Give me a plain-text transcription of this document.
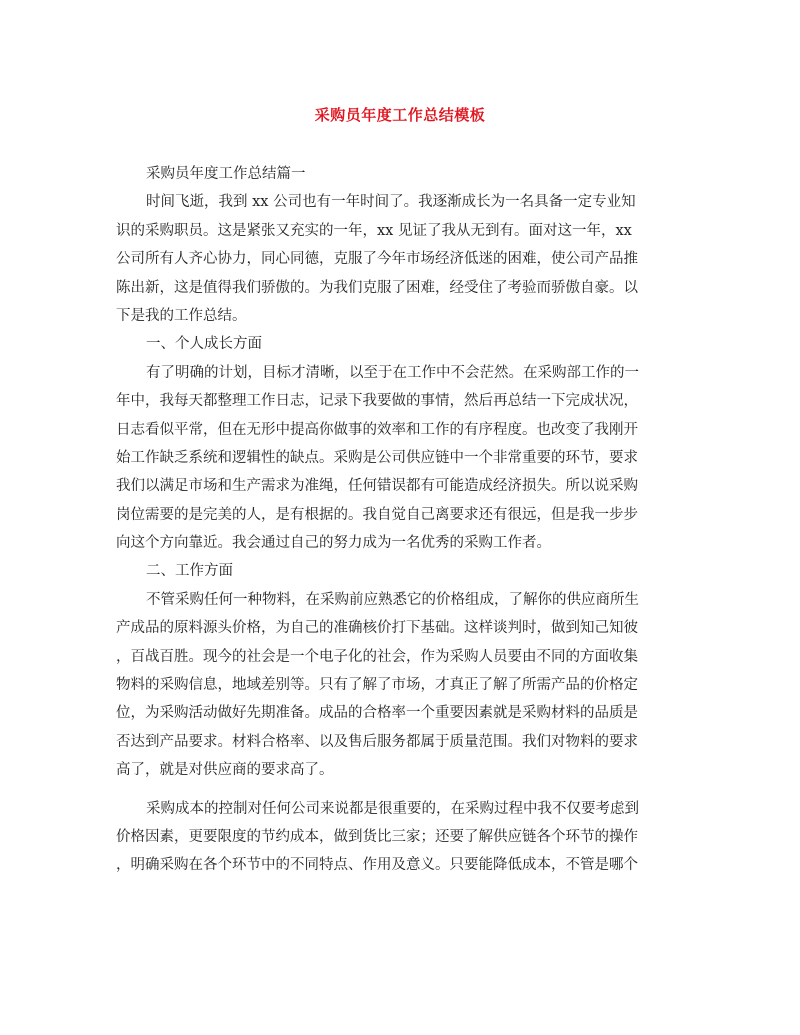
采购员年度工作总结模板
采购员年度工作总结篇一
时间飞逝，我到 xx 公司也有一年时间了。我逐渐成长为一名具备一定专业知
识的采购职员。这是紧张又充实的一年，xx 见证了我从无到有。面对这一年，xx
公司所有人齐心协力，同心同德，克服了今年市场经济低迷的困难，使公司产品推
陈出新，这是值得我们骄傲的。为我们克服了困难，经受住了考验而骄傲自豪。以
下是我的工作总结。
一、个人成长方面
有了明确的计划，目标才清晰，以至于在工作中不会茫然。在采购部工作的一
年中，我每天都整理工作日志，记录下我要做的事情，然后再总结一下完成状况，
日志看似平常，但在无形中提高你做事的效率和工作的有序程度。也改变了我刚开
始工作缺乏系统和逻辑性的缺点。采购是公司供应链中一个非常重要的环节，要求
我们以满足市场和生产需求为准绳，任何错误都有可能造成经济损失。所以说采购
岗位需要的是完美的人，是有根据的。我自觉自己离要求还有很远，但是我一步步
向这个方向靠近。我会通过自己的努力成为一名优秀的采购工作者。
二、工作方面
不管采购任何一种物料，在采购前应熟悉它的价格组成，了解你的供应商所生
产成品的原料源头价格，为自己的准确核价打下基础。这样谈判时，做到知己知彼
，百战百胜。现今的社会是一个电子化的社会，作为采购人员要由不同的方面收集
物料的采购信息，地域差别等。只有了解了市场，才真正了解了所需产品的价格定
位，为采购活动做好先期准备。成品的合格率一个重要因素就是采购材料的品质是
否达到产品要求。材料合格率、以及售后服务都属于质量范围。我们对物料的要求
高了，就是对供应商的要求高了。
采购成本的控制对任何公司来说都是很重要的，在采购过程中我不仅要考虑到
价格因素，更要限度的节约成本，做到货比三家；还要了解供应链各个环节的操作
，明确采购在各个环节中的不同特点、作用及意义。只要能降低成本，不管是哪个
